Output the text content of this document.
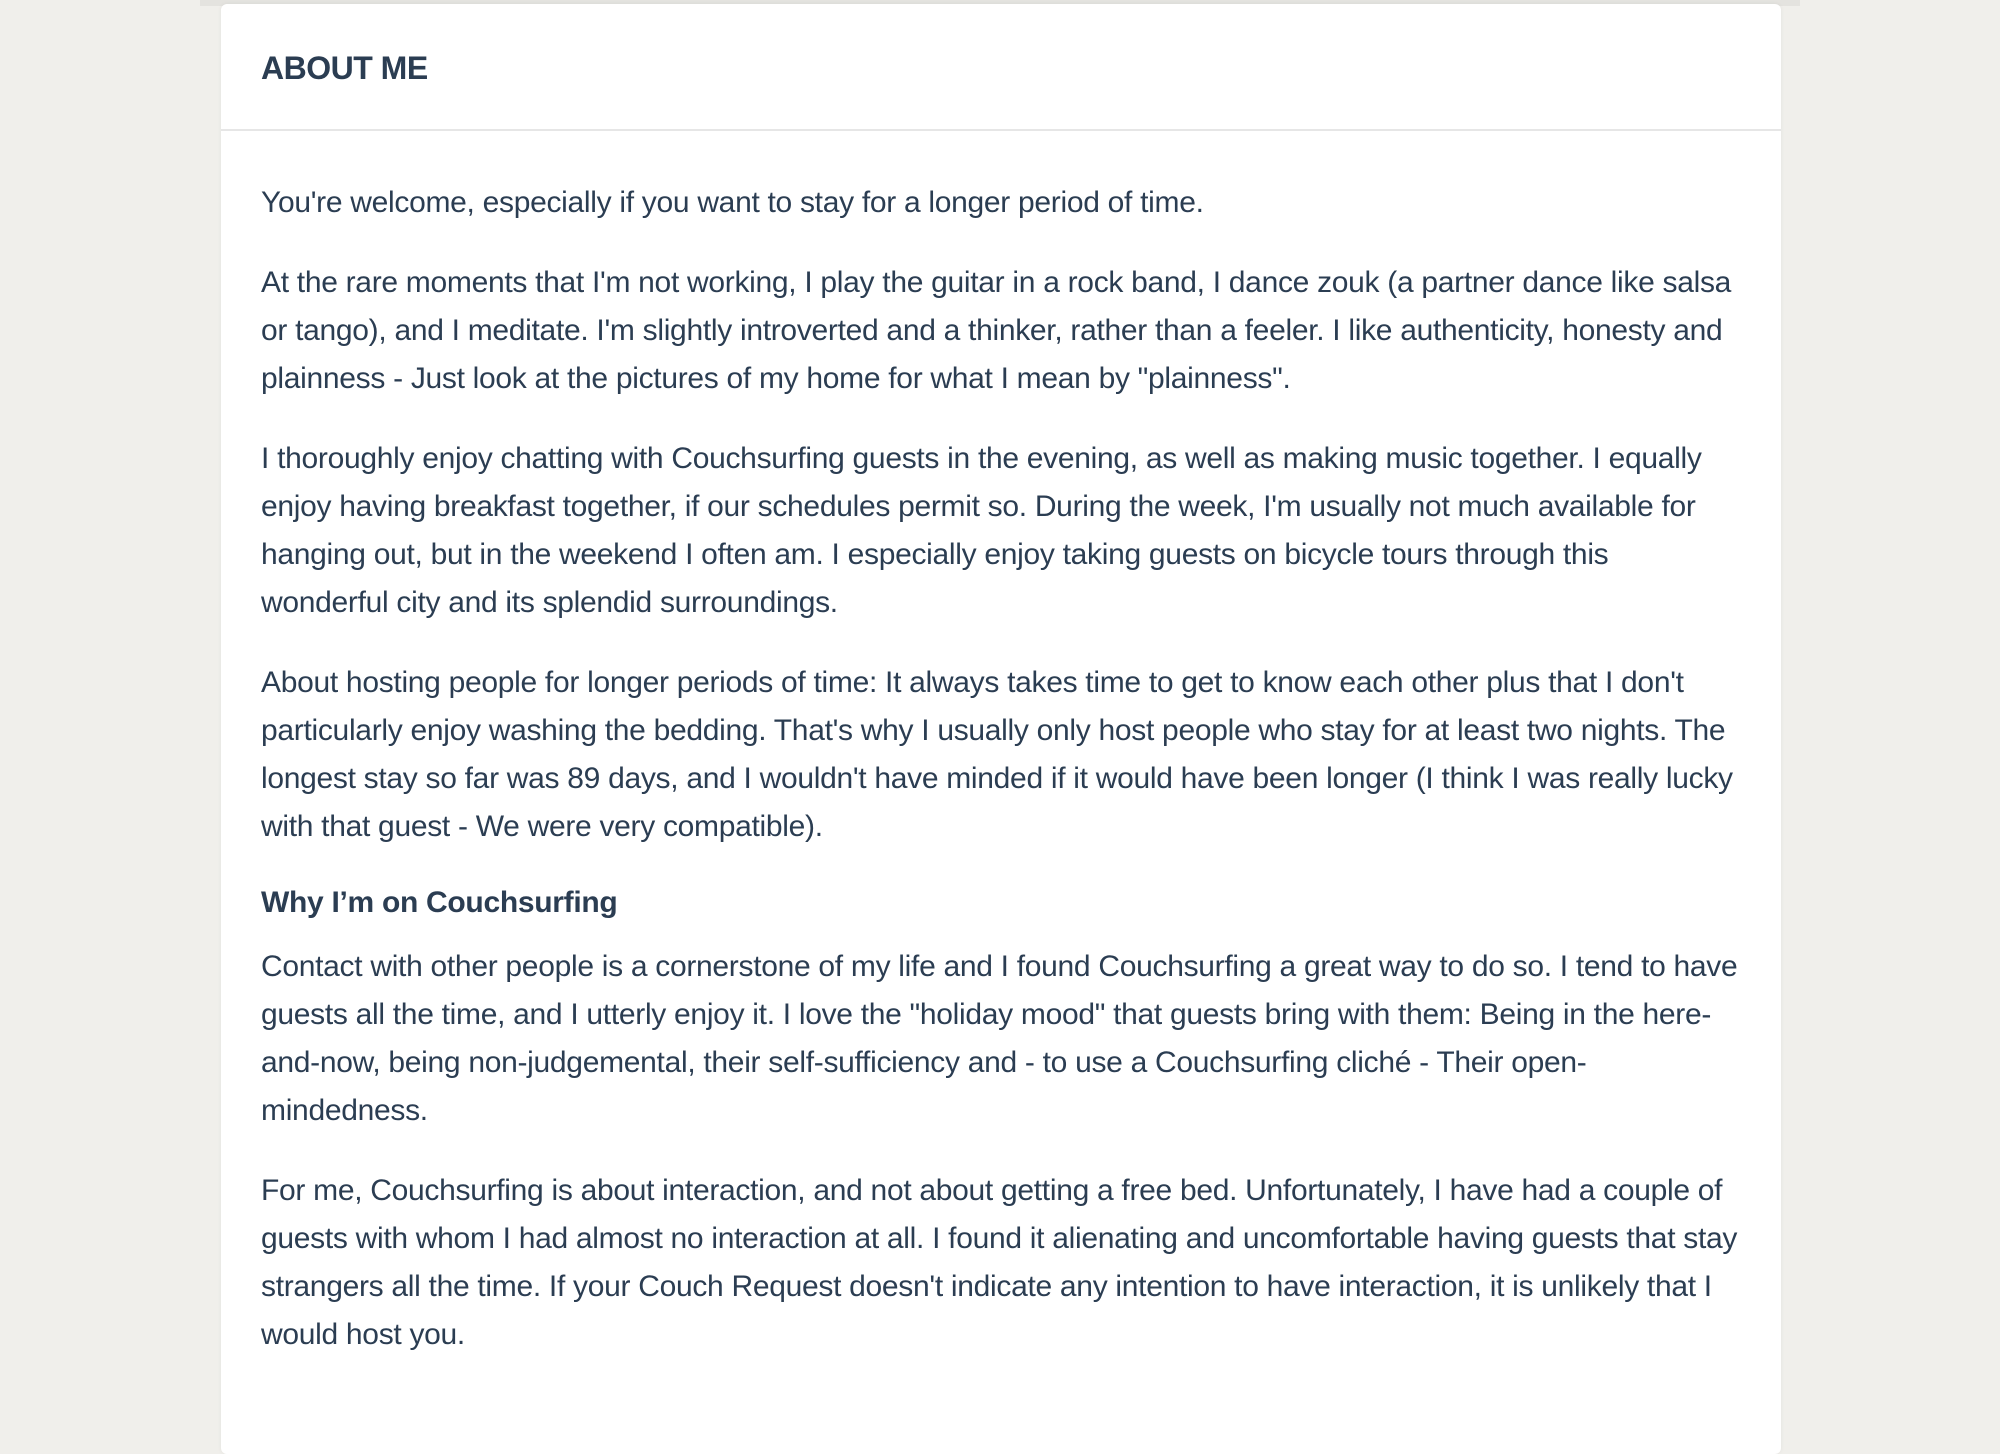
ABOUT ME

You're welcome, especially if you want to stay for a longer period of time.

At the rare moments that I'm not working, I play the guitar in a rock band, I dance zouk (a partner dance like salsa or tango), and I meditate. I'm slightly introverted and a thinker, rather than a feeler. I like authenticity, honesty and plainness - Just look at the pictures of my home for what I mean by "plainness".

I thoroughly enjoy chatting with Couchsurfing guests in the evening, as well as making music together. I equally enjoy having breakfast together, if our schedules permit so. During the week, I'm usually not much available for hanging out, but in the weekend I often am. I especially enjoy taking guests on bicycle tours through this wonderful city and its splendid surroundings.

About hosting people for longer periods of time: It always takes time to get to know each other plus that I don't particularly enjoy washing the bedding. That's why I usually only host people who stay for at least two nights. The longest stay so far was 89 days, and I wouldn't have minded if it would have been longer (I think I was really lucky with that guest - We were very compatible).

Why I’m on Couchsurfing

Contact with other people is a cornerstone of my life and I found Couchsurfing a great way to do so. I tend to have guests all the time, and I utterly enjoy it. I love the "holiday mood" that guests bring with them: Being in the here-and-now, being non-judgemental, their self-sufficiency and - to use a Couchsurfing cliché - Their open-mindedness.

For me, Couchsurfing is about interaction, and not about getting a free bed. Unfortunately, I have had a couple of guests with whom I had almost no interaction at all. I found it alienating and uncomfortable having guests that stay strangers all the time. If your Couch Request doesn't indicate any intention to have interaction, it is unlikely that I would host you.
